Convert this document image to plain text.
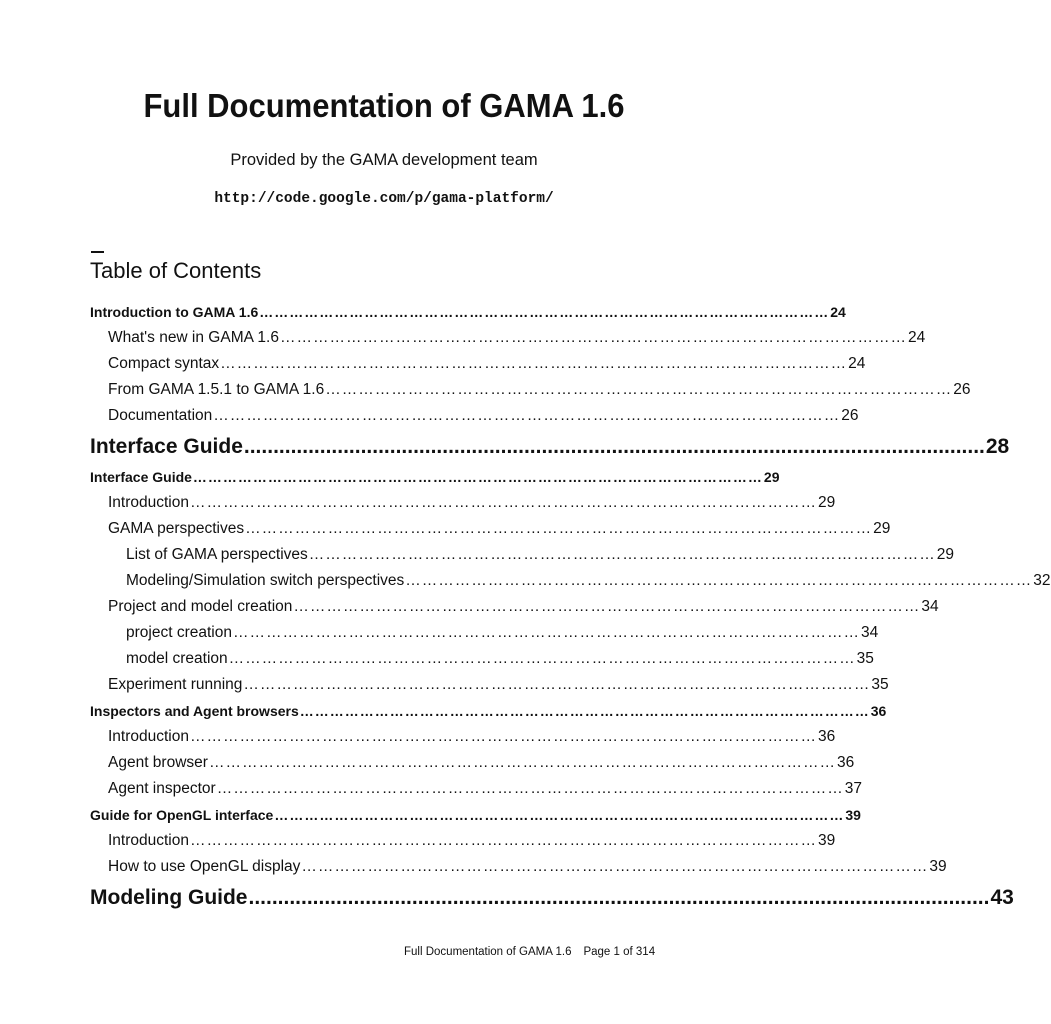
Full Documentation of GAMA 1.6
Provided by the GAMA development team
http://code.google.com/p/gama-platform/
Table of Contents
Introduction to GAMA 1.6 …………………………………………………………………………………………………… 24
What's new in GAMA 1.6 …………………………………………………………………………………………………… 24
Compact syntax …………………………………………………………………………………………………… 24
From GAMA 1.5.1 to GAMA 1.6 …………………………………………………………………………………………………… 26
Documentation …………………………………………………………………………………………………… 26
Interface Guide ............................................................................................................................... 28
Interface Guide …………………………………………………………………………………………………… 29
Introduction …………………………………………………………………………………………………… 29
GAMA perspectives …………………………………………………………………………………………………… 29
List of GAMA perspectives …………………………………………………………………………………………………… 29
Modeling/Simulation switch perspectives …………………………………………………………………………………………………… 32
Project and model creation …………………………………………………………………………………………………… 34
project creation …………………………………………………………………………………………………… 34
model creation …………………………………………………………………………………………………… 35
Experiment running …………………………………………………………………………………………………… 35
Inspectors and Agent browsers …………………………………………………………………………………………………… 36
Introduction …………………………………………………………………………………………………… 36
Agent browser …………………………………………………………………………………………………… 36
Agent inspector …………………………………………………………………………………………………… 37
Guide for OpenGL interface …………………………………………………………………………………………………… 39
Introduction …………………………………………………………………………………………………… 39
How to use OpenGL display …………………………………………………………………………………………………… 39
Modeling Guide ............................................................................................................................... 43
Full Documentation of GAMA 1.6 Page 1 of 314
